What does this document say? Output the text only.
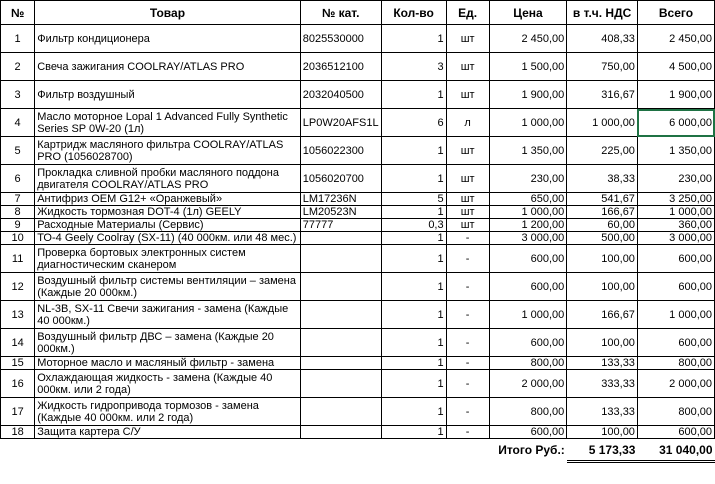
№	Товар	№ кат.	Кол-во	Ед.	Цена	в т.ч. НДС	Всего
1	Фильтр кондиционера	8025530000	1	шт	2 450,00	408,33	2 450,00
2	Свеча зажигания COOLRAY/ATLAS PRO	2036512100	3	шт	1 500,00	750,00	4 500,00
3	Фильтр воздушный	2032040500	1	шт	1 900,00	316,67	1 900,00
4	Масло моторное Lopal 1 Advanced Fully Synthetic Series SP 0W-20 (1л)	LP0W20AFS1L	6	л	1 000,00	1 000,00	6 000,00
5	Картридж масляного фильтра COOLRAY/ATLAS PRO (1056028700)	1056022300	1	шт	1 350,00	225,00	1 350,00
6	Прокладка сливной пробки масляного поддона двигателя COOLRAY/ATLAS PRO	1056020700	1	шт	230,00	38,33	230,00
7	Антифриз OEM G12+ «Оранжевый»	LM17236N	5	шт	650,00	541,67	3 250,00
8	Жидкость тормозная DOT-4 (1л) GEELY	LM20523N	1	шт	1 000,00	166,67	1 000,00
9	Расходные Материалы (Сервис)	77777	0,3	шт	1 200,00	60,00	360,00
10	ТО-4 Geely Coolray (SX-11) (40 000км. или 48 мес.)		1	-	3 000,00	500,00	3 000,00
11	Проверка бортовых электронных систем диагностическим сканером		1	-	600,00	100,00	600,00
12	Воздушный фильтр системы вентиляции – замена (Каждые 20 000км.)		1	-	600,00	100,00	600,00
13	NL-3B, SX-11 Свечи зажигания - замена (Каждые 40 000км.)		1	-	1 000,00	166,67	1 000,00
14	Воздушный фильтр ДВС – замена (Каждые 20 000км.)		1	-	600,00	100,00	600,00
15	Моторное масло и масляный фильтр - замена		1	-	800,00	133,33	800,00
16	Охлаждающая жидкость - замена (Каждые 40 000км. или 2 года)		1	-	2 000,00	333,33	2 000,00
17	Жидкость гидропривода тормозов - замена (Каждые 40 000км. или 2 года)		1	-	800,00	133,33	800,00
18	Защита картера С/У		1	-	600,00	100,00	600,00
					Итого Руб.:	5 173,33	31 040,00
